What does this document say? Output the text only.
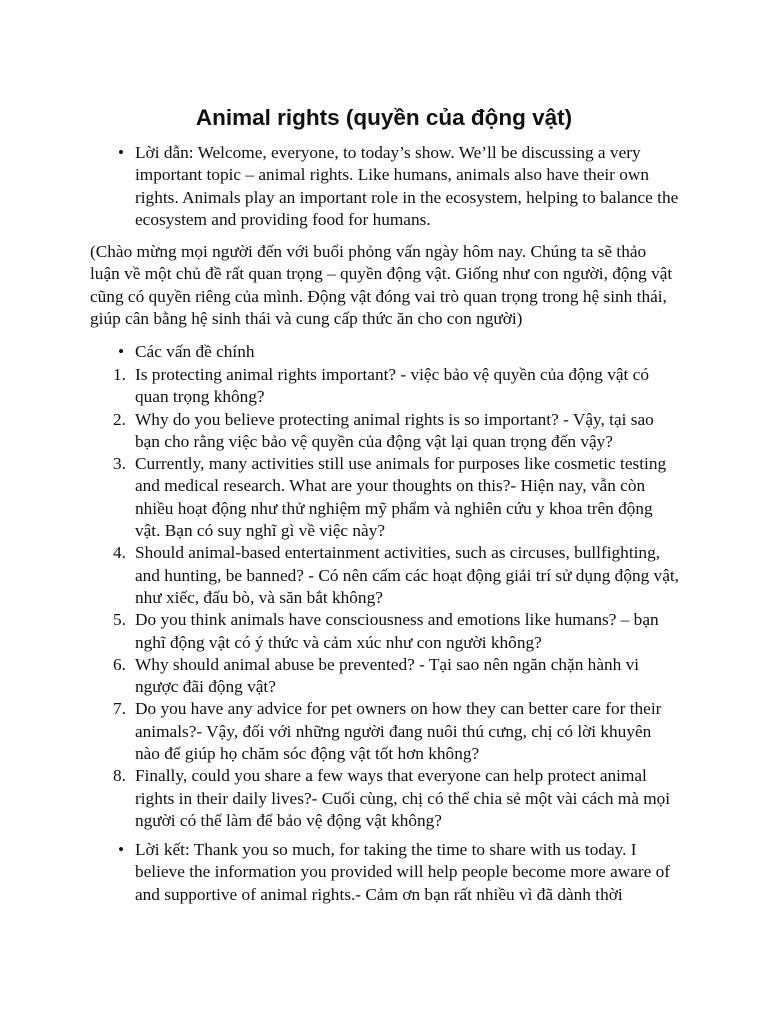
Animal rights (quyền của động vật)
• Lời dẫn: Welcome, everyone, to today’s show. We’ll be discussing a very important topic – animal rights. Like humans, animals also have their own rights. Animals play an important role in the ecosystem, helping to balance the ecosystem and providing food for humans.

(Chào mừng mọi người đến với buổi phỏng vấn ngày hôm nay. Chúng ta sẽ thảo luận về một chủ đề rất quan trọng – quyền động vật. Giống như con người, động vật cũng có quyền riêng của mình. Động vật đóng vai trò quan trọng trong hệ sinh thái, giúp cân bằng hệ sinh thái và cung cấp thức ăn cho con người)

• Các vấn đề chính
1. Is protecting animal rights important? - việc bảo vệ quyền của động vật có quan trọng không?
2. Why do you believe protecting animal rights is so important? - Vậy, tại sao bạn cho rằng việc bảo vệ quyền của động vật lại quan trọng đến vậy?
3. Currently, many activities still use animals for purposes like cosmetic testing and medical research. What are your thoughts on this?- Hiện nay, vẫn còn nhiều hoạt động như thử nghiệm mỹ phẩm và nghiên cứu y khoa trên động vật. Bạn có suy nghĩ gì về việc này?
4. Should animal-based entertainment activities, such as circuses, bullfighting, and hunting, be banned? - Có nên cấm các hoạt động giải trí sử dụng động vật, như xiếc, đấu bò, và săn bắt không?
5. Do you think animals have consciousness and emotions like humans? – bạn nghĩ động vật có ý thức và cảm xúc như con người không?
6. Why should animal abuse be prevented? - Tại sao nên ngăn chặn hành vi ngược đãi động vật?
7. Do you have any advice for pet owners on how they can better care for their animals?- Vậy, đối với những người đang nuôi thú cưng, chị có lời khuyên nào để giúp họ chăm sóc động vật tốt hơn không?
8. Finally, could you share a few ways that everyone can help protect animal rights in their daily lives?- Cuối cùng, chị có thể chia sẻ một vài cách mà mọi người có thể làm để bảo vệ động vật không?
• Lời kết: Thank you so much, for taking the time to share with us today. I believe the information you provided will help people become more aware of and supportive of animal rights.- Cảm ơn bạn rất nhiều vì đã dành thời
